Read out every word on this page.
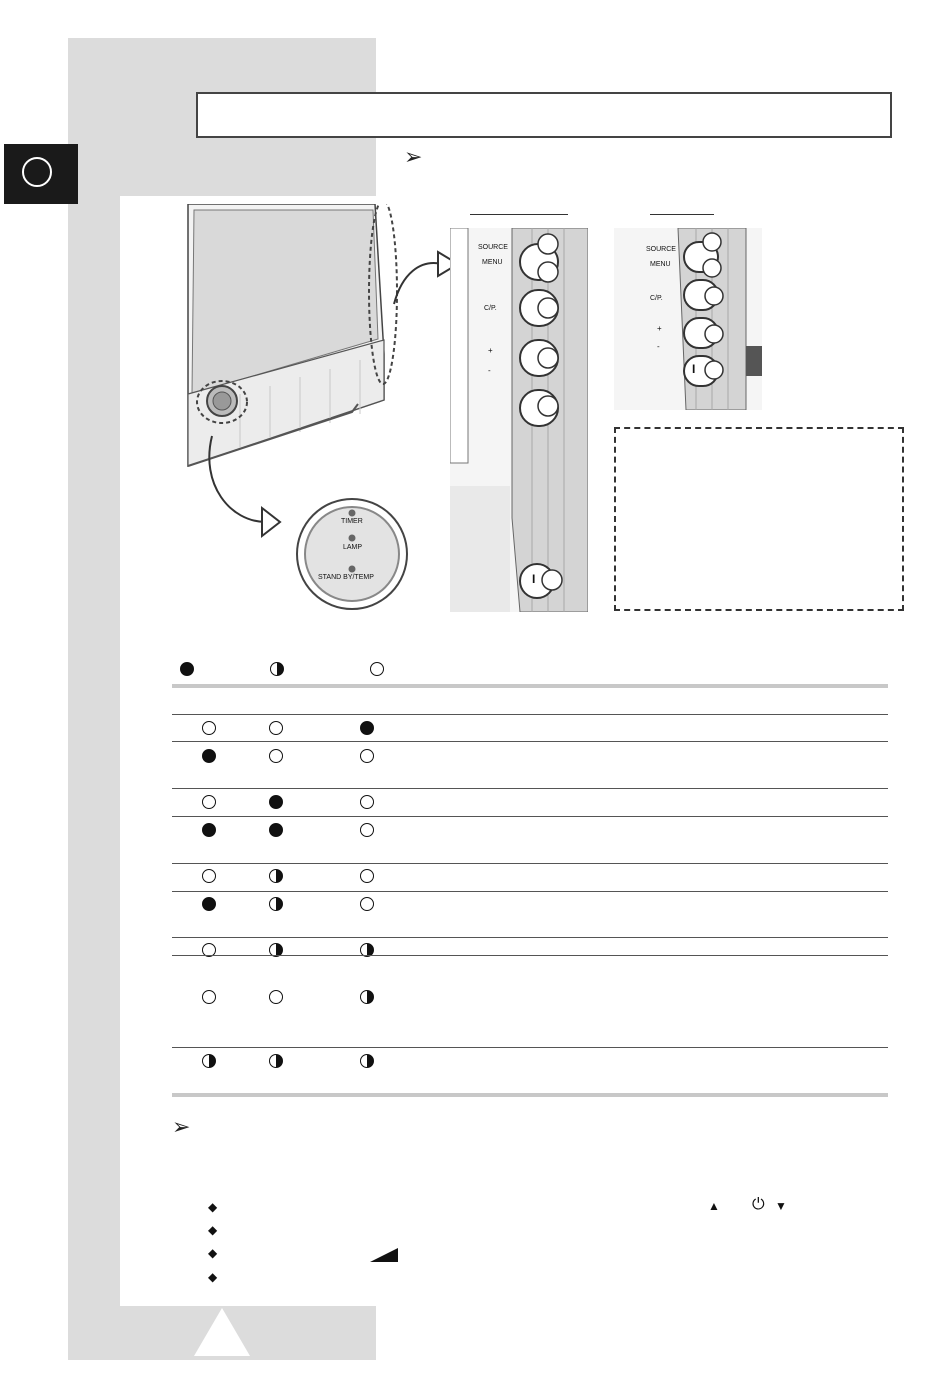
➢
TIMER
LAMP
STAND BY/TEMP
SOURCE
MENU
C/P.
+
-
I
SOURCE
MENU
C/P.
+
-
I
➢
◆
◆
◆
◆
▲ ⏻ ▼
